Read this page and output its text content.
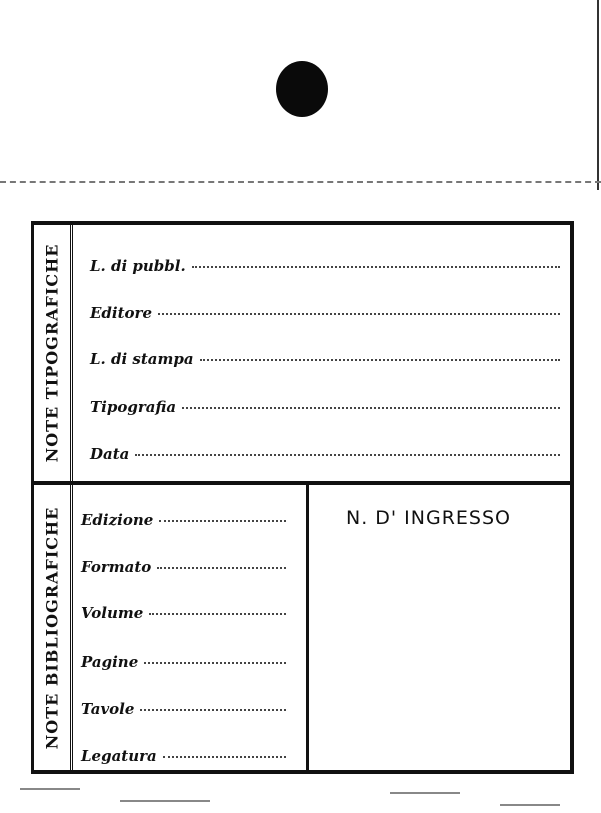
NOTE TIPOGRAFICHE L. di pubbl.
Editore
L. di stampa
Tipografia
Data
NOTE BIBLIOGRAFICHE Edizione
Formato
Volume
Pagine
Tavole
Legatura
N. D' INGRESSO
